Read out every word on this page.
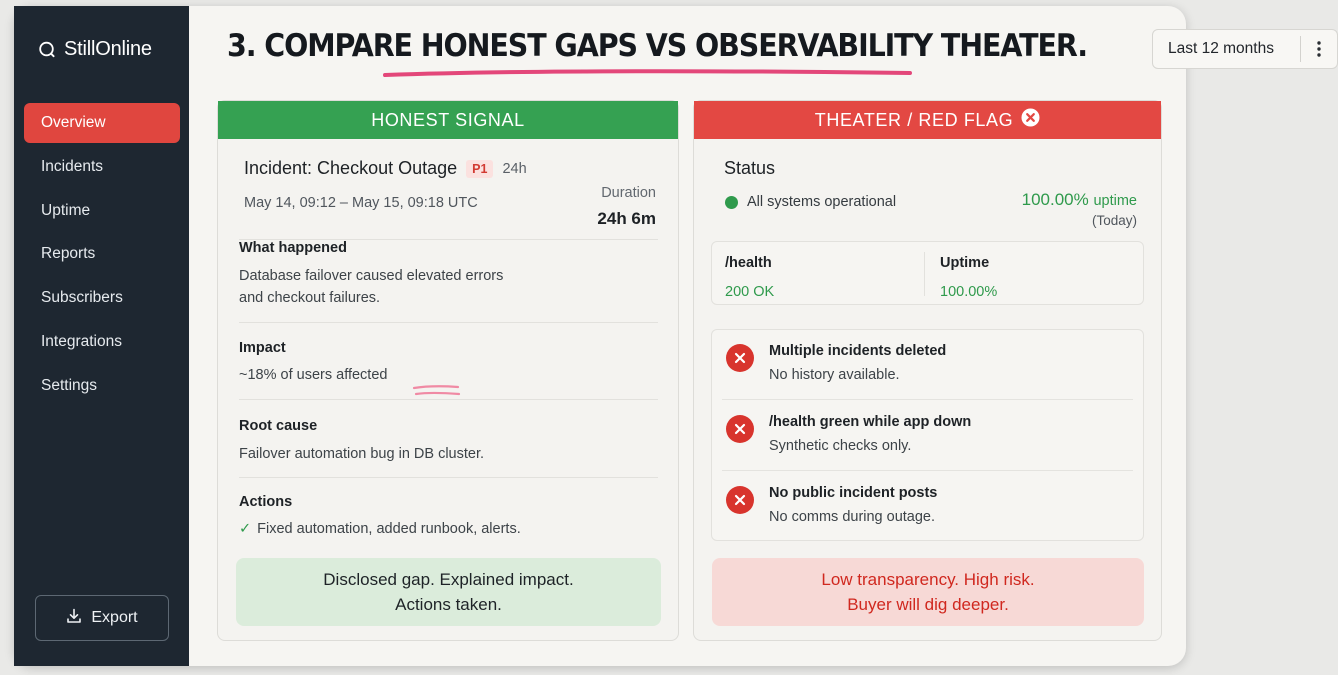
StillOnline
Overview
Incidents
Uptime
Reports
Subscribers
Integrations
Settings
Export
3. COMPARE HONEST GAPS VS OBSERVABILITY THEATER.	Last 12 months
HONEST SIGNAL
Incident: Checkout Outage	P1	24h
May 14, 09:12 – May 15, 09:18 UTC
Duration
24h 6m
What happened
Database failover caused elevated errors
and checkout failures.
Impact
~18% of users affected
Root cause
Failover automation bug in DB cluster.
Actions
✓ Fixed automation, added runbook, alerts.
Disclosed gap. Explained impact.
Actions taken.
THEATER / RED FLAG
Status
All systems operational	100.00% uptime
(Today)
/health
200 OK
Uptime
100.00%
Multiple incidents deleted
No history available.
/health green while app down
Synthetic checks only.
No public incident posts
No comms during outage.
Low transparency. High risk.
Buyer will dig deeper.
